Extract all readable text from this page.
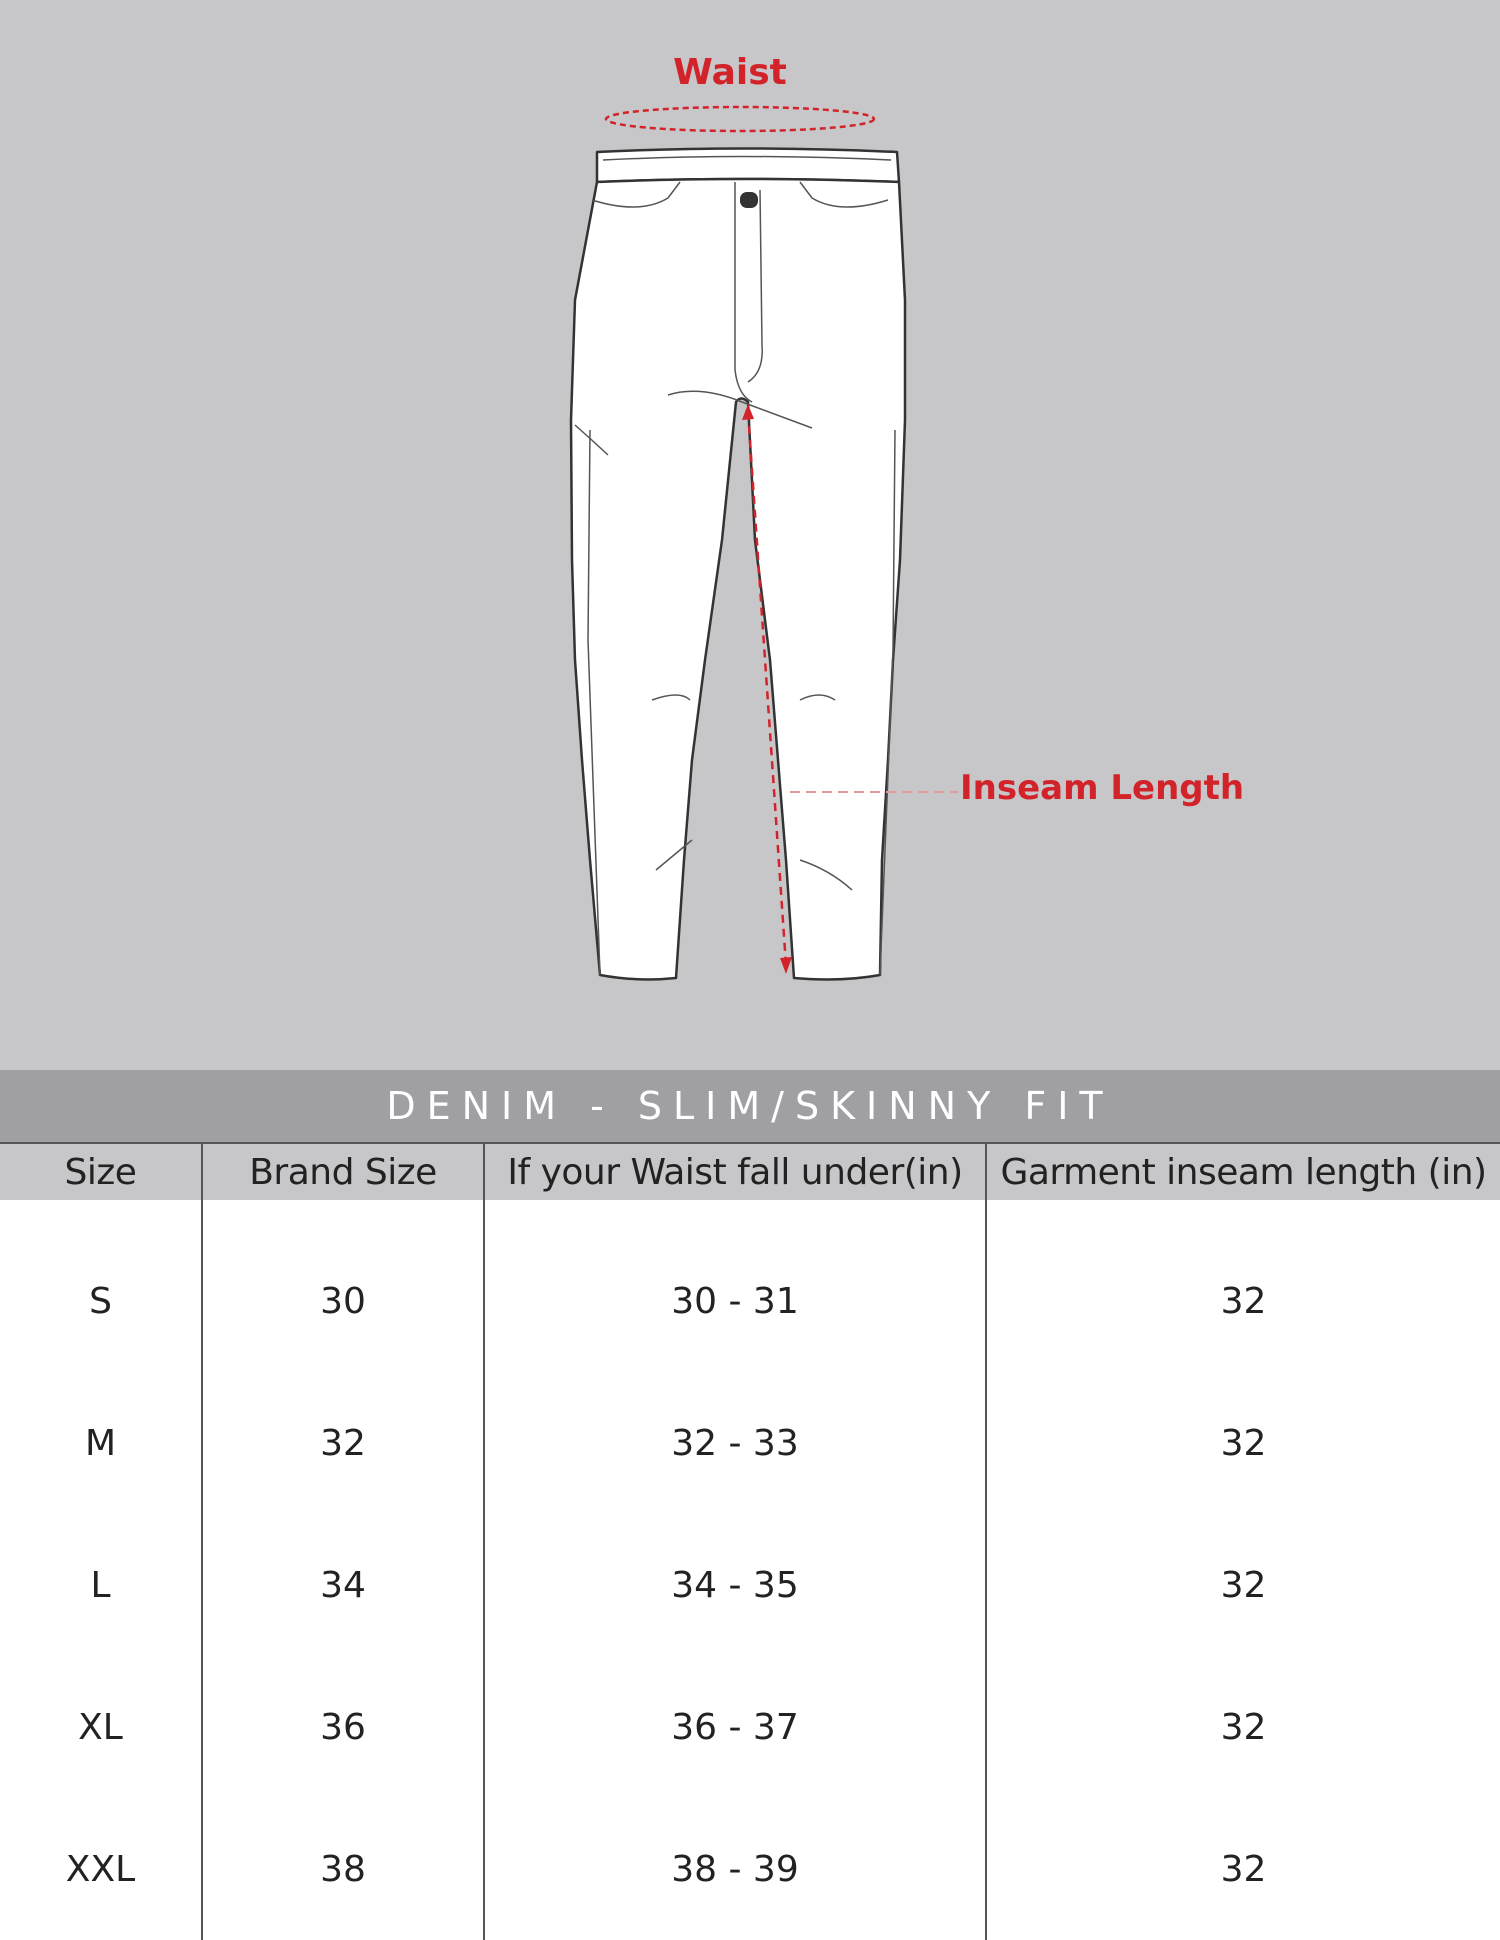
Waist
Inseam Length
DENIM - SLIM/SKINNY FIT
Size	Brand Size	If your Waist fall under(in)	Garment inseam length (in)
S	30	30 - 31	32
M	32	32 - 33	32
L	34	34 - 35	32
XL	36	36 - 37	32
XXL	38	38 - 39	32
